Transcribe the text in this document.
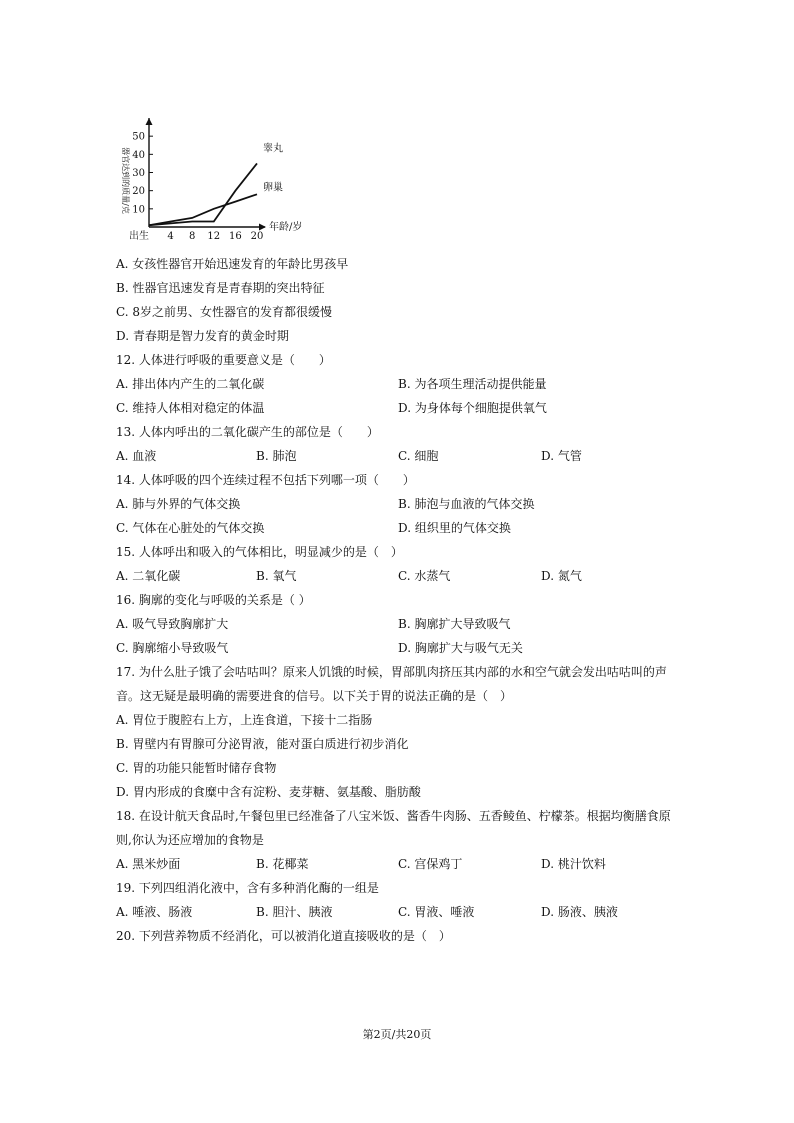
10
20
30
40
50
出生 4 8 12 16 20
年龄/岁
器官达到的质量/克	睾丸
卵巢
A. 女孩性器官开始迅速发育的年龄比男孩早
B. 性器官迅速发育是青春期的突出特征
C. 8岁之前男、女性器官的发育都很缓慢
D. 青春期是智力发育的黄金时期
12. 人体进行呼吸的重要意义是（　　）
A. 排出体内产生的二氧化碳	B. 为各项生理活动提供能量
C. 维持人体相对稳定的体温	D. 为身体每个细胞提供氧气
13. 人体内呼出的二氧化碳产生的部位是（　　）
A. 血液	B. 肺泡	C. 细胞	D. 气管
14. 人体呼吸的四个连续过程不包括下列哪一项（　　）
A. 肺与外界的气体交换	B. 肺泡与血液的气体交换
C. 气体在心脏处的气体交换	D. 组织里的气体交换
15. 人体呼出和吸入的气体相比，明显减少的是（　）
A. 二氧化碳	B. 氧气	C. 水蒸气	D. 氮气
16. 胸廓的变化与呼吸的关系是（ ）
A. 吸气导致胸廓扩大	B. 胸廓扩大导致吸气
C. 胸廓缩小导致吸气	D. 胸廓扩大与吸气无关
17. 为什么肚子饿了会咕咕叫？原来人饥饿的时候，胃部肌肉挤压其内部的水和空气就会发出咕咕叫的声
音。这无疑是最明确的需要进食的信号。以下关于胃的说法正确的是（　）
A. 胃位于腹腔右上方，上连食道，下接十二指肠
B. 胃壁内有胃腺可分泌胃液，能对蛋白质进行初步消化
C. 胃的功能只能暂时储存食物
D. 胃内形成的食糜中含有淀粉、麦芽糖、氨基酸、脂肪酸
18. 在设计航天食品时,午餐包里已经准备了八宝米饭、酱香牛肉肠、五香鲮鱼、柠檬茶。根据均衡膳食原
则,你认为还应增加的食物是
A. 黑米炒面	B. 花椰菜	C. 宫保鸡丁	D. 桃汁饮料
19. 下列四组消化液中，含有多种消化酶的一组是
A. 唾液、肠液	B. 胆汁、胰液	C. 胃液、唾液	D. 肠液、胰液
20. 下列营养物质不经消化，可以被消化道直接吸收的是（　）
第2页/共20页
